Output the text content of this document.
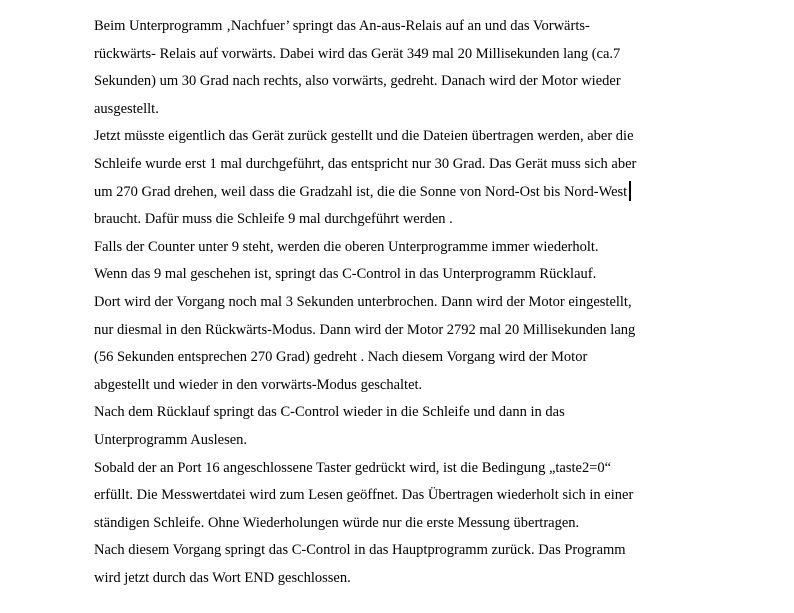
Beim Unterprogramm ‚Nachfuer’ springt das An-aus-Relais auf an und das Vorwärts-
rückwärts- Relais auf vorwärts. Dabei wird das Gerät 349 mal 20 Millisekunden lang (ca.7
Sekunden) um 30 Grad nach rechts, also vorwärts, gedreht. Danach wird der Motor wieder
ausgestellt.
Jetzt müsste eigentlich das Gerät zurück gestellt und die Dateien übertragen werden, aber die
Schleife wurde erst 1 mal durchgeführt, das entspricht nur 30 Grad. Das Gerät muss sich aber
um 270 Grad drehen, weil dass die Gradzahl ist, die die Sonne von Nord-Ost bis Nord-West
braucht. Dafür muss die Schleife 9 mal durchgeführt werden .
Falls der Counter unter 9 steht, werden die oberen Unterprogramme immer wiederholt.
Wenn das 9 mal geschehen ist, springt das C-Control in das Unterprogramm Rücklauf.
Dort wird der Vorgang noch mal 3 Sekunden unterbrochen. Dann wird der Motor eingestellt,
nur diesmal in den Rückwärts-Modus. Dann wird der Motor 2792 mal 20 Millisekunden lang
(56 Sekunden entsprechen 270 Grad) gedreht . Nach diesem Vorgang wird der Motor
abgestellt und wieder in den vorwärts-Modus geschaltet.
Nach dem Rücklauf springt das C-Control wieder in die Schleife und dann in das
Unterprogramm Auslesen.
Sobald der an Port 16 angeschlossene Taster gedrückt wird, ist die Bedingung „taste2=0“
erfüllt. Die Messwertdatei wird zum Lesen geöffnet. Das Übertragen wiederholt sich in einer
ständigen Schleife. Ohne Wiederholungen würde nur die erste Messung übertragen.
Nach diesem Vorgang springt das C-Control in das Hauptprogramm zurück. Das Programm
wird jetzt durch das Wort END geschlossen.
